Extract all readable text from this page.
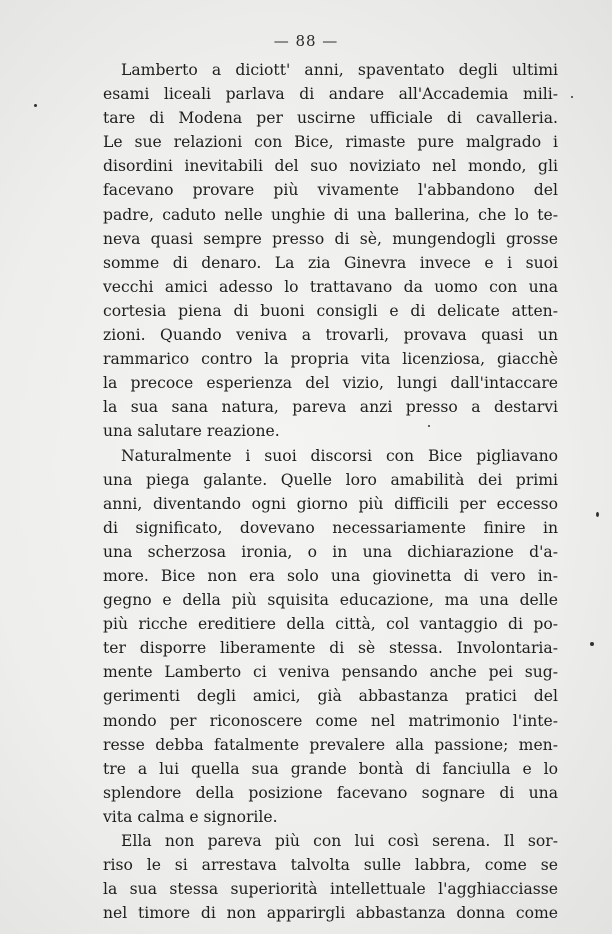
— 88 —
Lamberto a diciott' anni, spaventato degli ultimi
esami liceali parlava di andare all'Accademia mili-
tare di Modena per uscirne ufficiale di cavalleria.
Le sue relazioni con Bice, rimaste pure malgrado i
disordini inevitabili del suo noviziato nel mondo, gli
facevano provare più vivamente l'abbandono del
padre, caduto nelle unghie di una ballerina, che lo te-
neva quasi sempre presso di sè, mungendogli grosse
somme di denaro. La zia Ginevra invece e i suoi
vecchi amici adesso lo trattavano da uomo con una
cortesia piena di buoni consigli e di delicate atten-
zioni. Quando veniva a trovarli, provava quasi un
rammarico contro la propria vita licenziosa, giacchè
la precoce esperienza del vizio, lungi dall'intaccare
la sua sana natura, pareva anzi presso a destarvi
una salutare reazione.
Naturalmente i suoi discorsi con Bice pigliavano
una piega galante. Quelle loro amabilità dei primi
anni, diventando ogni giorno più difficili per eccesso
di significato, dovevano necessariamente finire in
una scherzosa ironia, o in una dichiarazione d'a-
more. Bice non era solo una giovinetta di vero in-
gegno e della più squisita educazione, ma una delle
più ricche ereditiere della città, col vantaggio di po-
ter disporre liberamente di sè stessa. Involontaria-
mente Lamberto ci veniva pensando anche pei sug-
gerimenti degli amici, già abbastanza pratici del
mondo per riconoscere come nel matrimonio l'inte-
resse debba fatalmente prevalere alla passione; men-
tre a lui quella sua grande bontà di fanciulla e lo
splendore della posizione facevano sognare di una
vita calma e signorile.
Ella non pareva più con lui così serena. Il sor-
riso le si arrestava talvolta sulle labbra, come se
la sua stessa superiorità intellettuale l'agghiacciasse
nel timore di non apparirgli abbastanza donna come
